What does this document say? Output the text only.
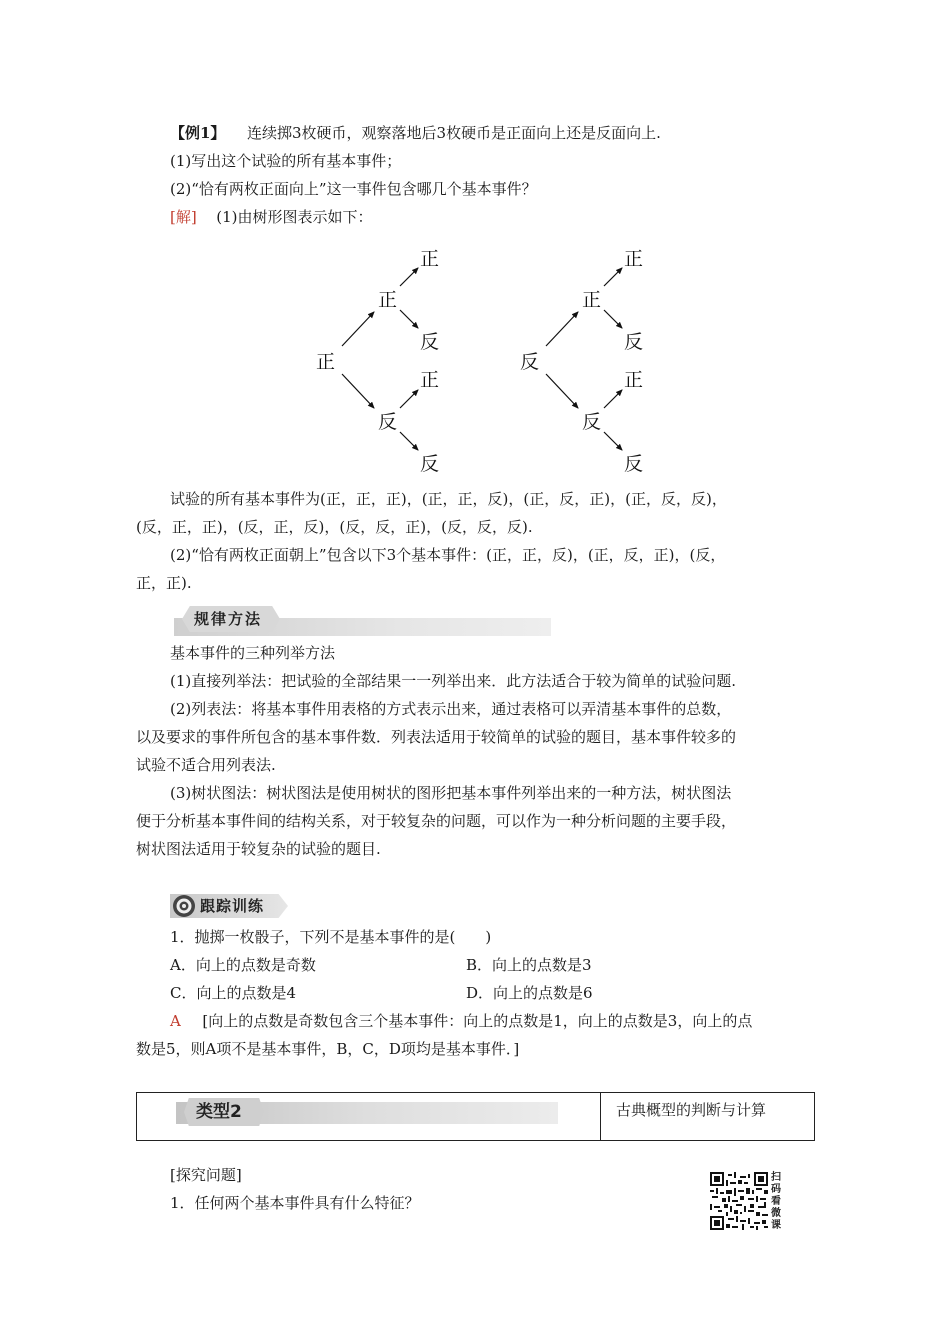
【例1】 连续掷3枚硬币，观察落地后3枚硬币是正面向上还是反面向上.
(1)写出这个试验的所有基本事件；
(2)“恰有两枚正面向上”这一事件包含哪几个基本事件？
[解] (1)由树形图表示如下：
正
正
反
正
反
正
反
反
正
反
正
反
正
反
试验的所有基本事件为(正，正，正)，(正，正，反)，(正，反，正)，(正，反，反)，
(反，正，正)，(反，正，反)，(反，反，正)，(反，反，反).
(2)“恰有两枚正面朝上”包含以下3个基本事件：(正，正，反)，(正，反，正)，(反，
正，正).
规律方法
基本事件的三种列举方法
(1)直接列举法：把试验的全部结果一一列举出来．此方法适合于较为简单的试验问题.
(2)列表法：将基本事件用表格的方式表示出来，通过表格可以弄清基本事件的总数，
以及要求的事件所包含的基本事件数．列表法适用于较简单的试验的题目，基本事件较多的
试验不适合用列表法.
(3)树状图法：树状图法是使用树状的图形把基本事件列举出来的一种方法，树状图法
便于分析基本事件间的结构关系，对于较复杂的问题，可以作为一种分析问题的主要手段，
树状图法适用于较复杂的试验的题目.
跟踪训练
1．抛掷一枚骰子，下列不是基本事件的是(　　)
A．向上的点数是奇数	B．向上的点数是3
C．向上的点数是4	D．向上的点数是6
A [向上的点数是奇数包含三个基本事件：向上的点数是1，向上的点数是3，向上的点
数是5，则A项不是基本事件，B，C，D项均是基本事件．]
类型2	古典概型的判断与计算
[探究问题]
1．任何两个基本事件具有什么特征？
扫码看微课
